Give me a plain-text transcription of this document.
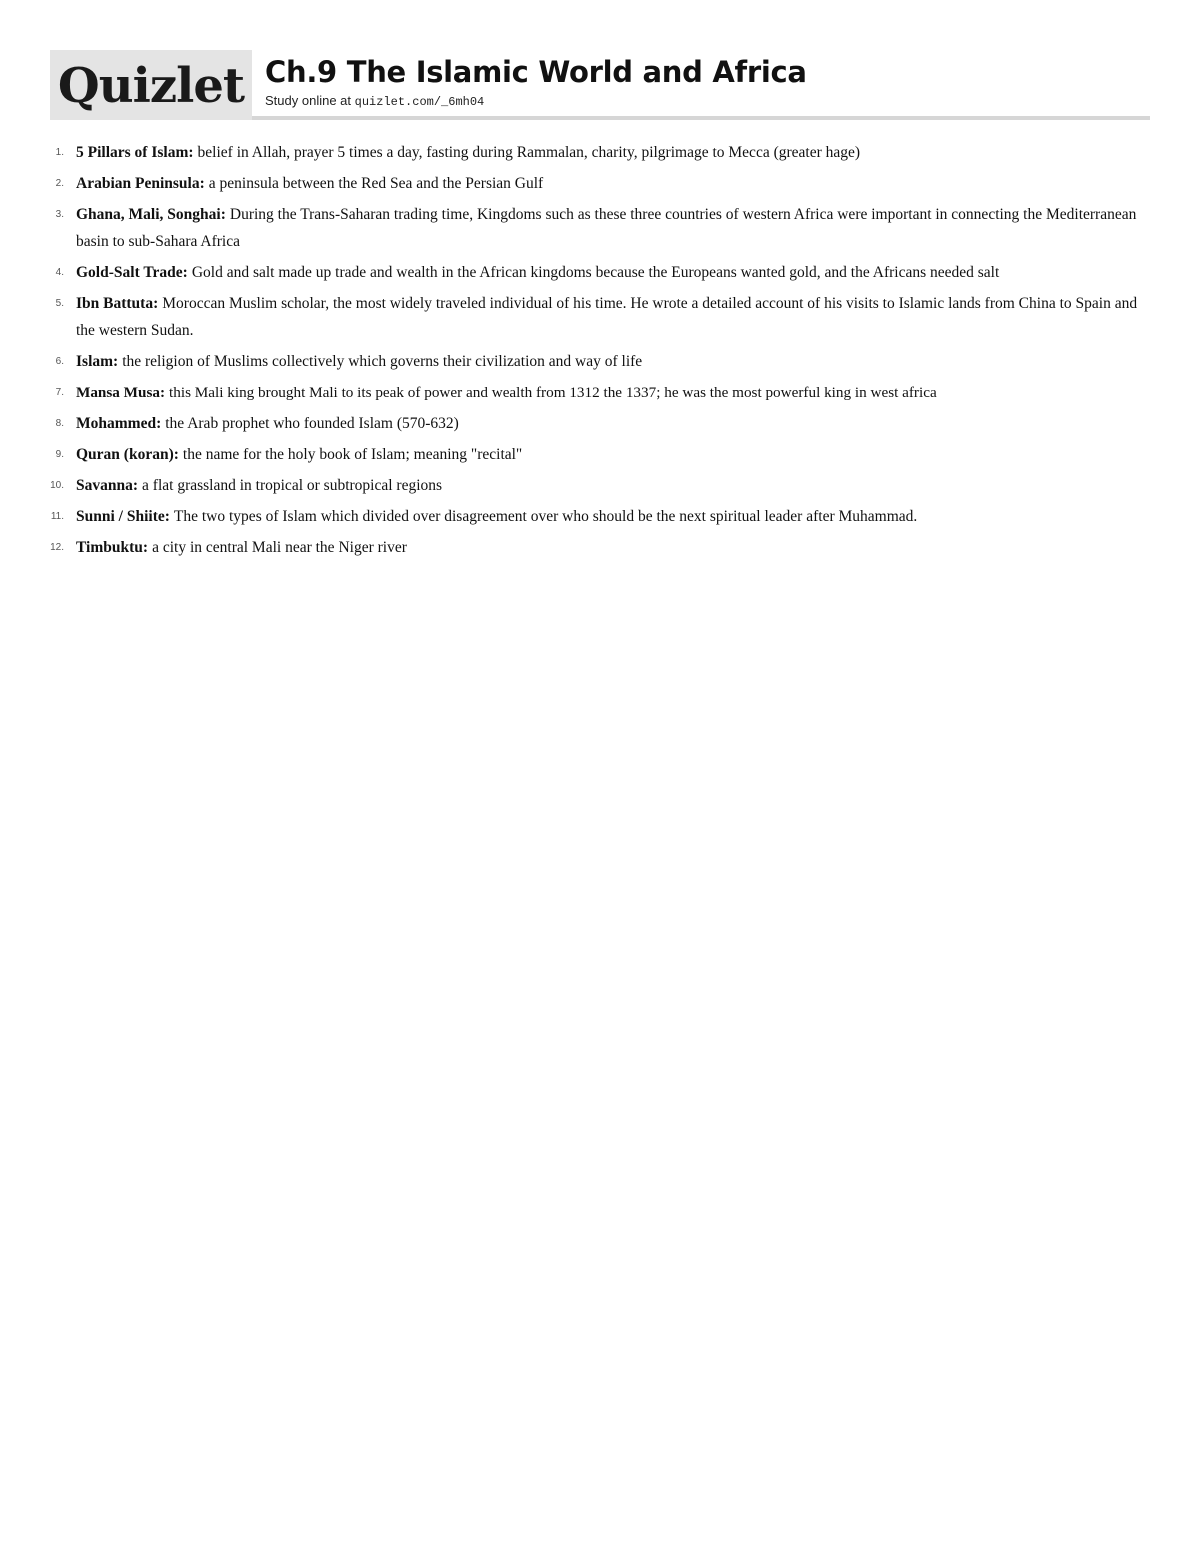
Quizlet Ch.9 The Islamic World and Africa
Study online at quizlet.com/_6mh04
1 . 5 Pillars of Islam: belief in Allah, prayer 5 times a day, fasting during Rammalan, charity, pilgrimage to Mecca (greater hage)
2 . Arabian Peninsula: a peninsula between the Red Sea and the Persian Gulf
3 . Ghana, Mali, Songhai: During the Trans-Saharan trading time, Kingdoms such as these three countries of western Africa were important in connecting the Mediterranean basin to sub-Sahara Africa
4 . Gold-Salt Trade: Gold and salt made up trade and wealth in the African kingdoms because the Europeans wanted gold, and the Africans needed salt
5 . Ibn Battuta: Moroccan Muslim scholar, the most widely traveled individual of his time. He wrote a detailed account of his visits to Islamic lands from China to Spain and the western Sudan.
6 . Islam: the religion of Muslims collectively which governs their civilization and way of life
7 . Mansa Musa: this Mali king brought Mali to its peak of power and wealth from 1312 the 1337; he was the most powerful king in west africa
8 . Mohammed: the Arab prophet who founded Islam (570-632)
9 . Quran (koran): the name for the holy book of Islam; meaning "recital"
10 . Savanna: a flat grassland in tropical or subtropical regions
11 . Sunni / Shiite: The two types of Islam which divided over disagreement over who should be the next spiritual leader after Muhammad.
12 . Timbuktu: a city in central Mali near the Niger river
